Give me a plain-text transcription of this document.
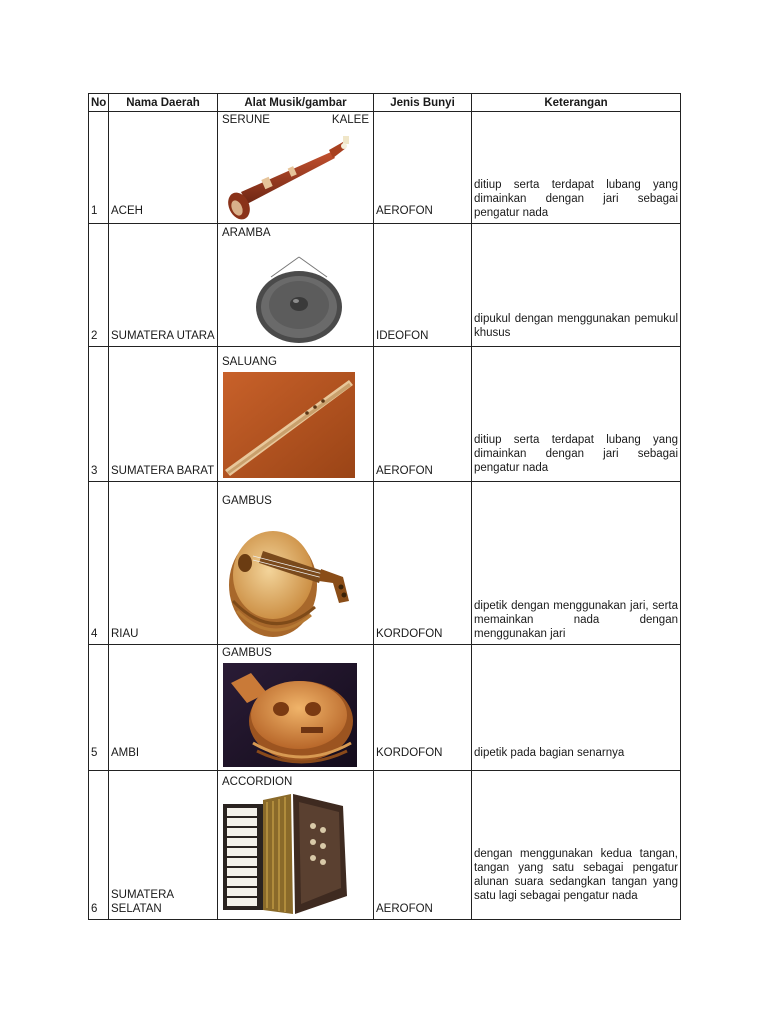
No	Nama Daerah	Alat Musik/gambar	Jenis Bunyi	Keterangan
1	ACEH	SERUNE KALEE	AEROFON	ditiup serta terdapat lubang yang dimainkan dengan jari sebagai pengatur nada
2	SUMATERA UTARA	ARAMBA	IDEOFON	dipukul dengan menggunakan pemukul khusus
3	SUMATERA BARAT	SALUANG	AEROFON	ditiup serta terdapat lubang yang dimainkan dengan jari sebagai pengatur nada
4	RIAU	GAMBUS	KORDOFON	dipetik dengan menggunakan jari, serta memainkan nada dengan menggunakan jari
5	AMBI	GAMBUS	KORDOFON	dipetik pada bagian senarnya
6	SUMATERA SELATAN	ACCORDION	AEROFON	dengan menggunakan kedua tangan, tangan yang satu sebagai pengatur alunan suara sedangkan tangan yang satu lagi sebagai pengatur nada
